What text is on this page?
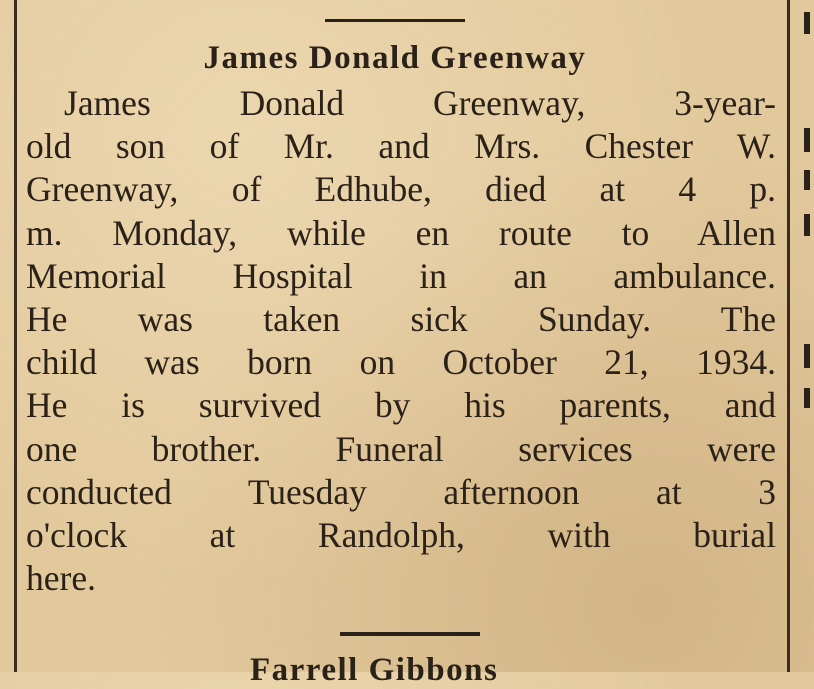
James Donald Greenway
James Donald Greenway, 3-year-
old son of Mr. and Mrs. Chester W.
Greenway, of Edhube, died at 4 p.
m. Monday, while en route to Allen
Memorial Hospital in an ambulance.
He was taken sick Sunday. The
child was born on October 21, 1934.
He is survived by his parents, and
one brother. Funeral services were
conducted Tuesday afternoon at 3
o'clock at Randolph, with burial
here.
Farrell Gibbons
